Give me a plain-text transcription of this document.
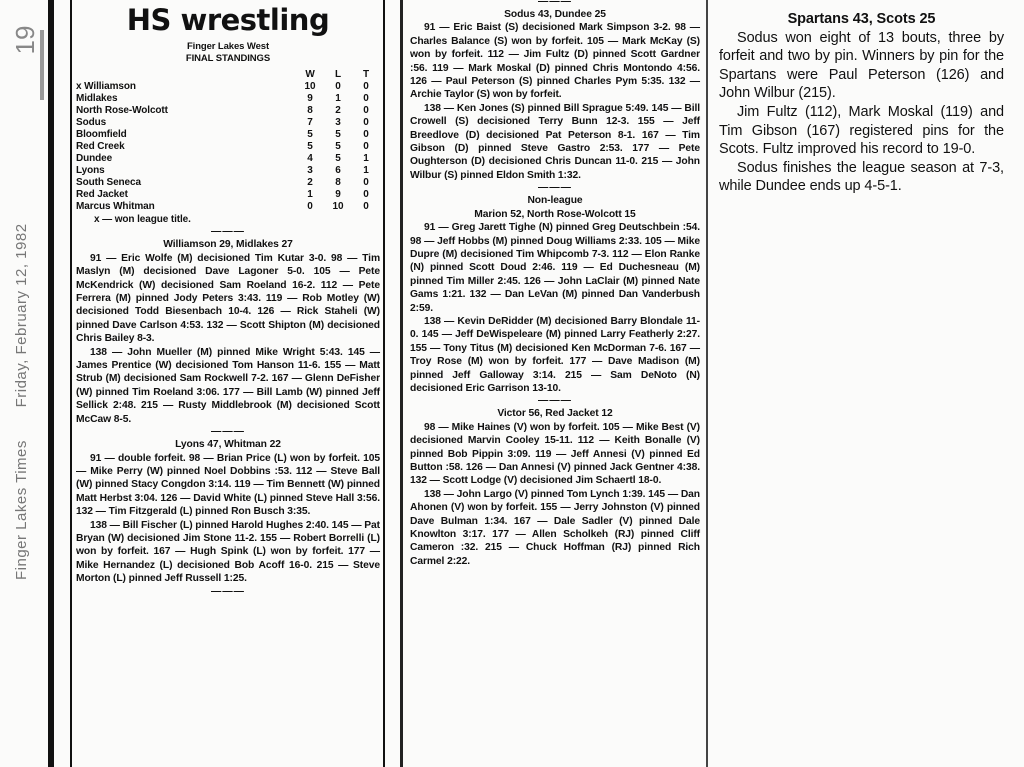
19
Finger Lakes Times       Friday, February 12, 1982
HS wrestling
Finger Lakes West
FINAL STANDINGS
	W	L	T
x Williamson	10	0	0
Midlakes	9	1	0
North Rose-Wolcott	8	2	0
Sodus	7	3	0
Bloomfield	5	5	0
Red Creek	5	5	0
Dundee	4	5	1
Lyons	3	6	1
South Seneca	2	8	0
Red Jacket	1	9	0
Marcus Whitman	0	10	0
x — won league title.
———
Williamson 29, Midlakes 27

91 — Eric Wolfe (M) decisioned Tim Kutar 3-0. 98 — Tim Maslyn (M) decisioned Dave Lagoner 5-0. 105 — Pete McKendrick (W) decisioned Sam Roeland 16-2. 112 — Pete Ferrera (M) pinned Jody Peters 3:43. 119 — Rob Motley (W) decisioned Todd Biesenbach 10-4. 126 — Rick Staheli (W) pinned Dave Carlson 4:53. 132 — Scott Shipton (M) decisioned Chris Bailey 8-3.

138 — John Mueller (M) pinned Mike Wright 5:43. 145 — James Prentice (W) decisioned Tom Hanson 11-6. 155 — Matt Strub (M) decisioned Sam Rockwell 7-2. 167 — Glenn DeFisher (W) pinned Tim Roeland 3:06. 177 — Bill Lamb (W) pinned Jeff Sellick 2:48. 215 — Rusty Middlebrook (M) decisioned Scott McCaw 8-5.

———
Lyons 47, Whitman 22

91 — double forfeit. 98 — Brian Price (L) won by forfeit. 105 — Mike Perry (W) pinned Noel Dobbins :53. 112 — Steve Ball (W) pinned Stacy Congdon 3:14. 119 — Tim Bennett (W) pinned Matt Herbst 3:04. 126 — David White (L) pinned Steve Hall 3:56. 132 — Tim Fitzgerald (L) pinned Ron Busch 3:35.

138 — Bill Fischer (L) pinned Harold Hughes 2:40. 145 — Pat Bryan (W) decisioned Jim Stone 11-2. 155 — Robert Borrelli (L) won by forfeit. 167 — Hugh Spink (L) won by forfeit. 177 — Mike Hernandez (L) decisioned Bob Acoff 16-0. 215 — Steve Morton (L) pinned Jeff Russell 1:25.

———
———
Sodus 43, Dundee 25

91 — Eric Baist (S) decisioned Mark Simpson 3-2. 98 — Charles Balance (S) won by forfeit. 105 — Mark McKay (S) won by forfeit. 112 — Jim Fultz (D) pinned Scott Gardner :56. 119 — Mark Moskal (D) pinned Chris Montondo 4:56. 126 — Paul Peterson (S) pinned Charles Pym 5:35. 132 — Archie Taylor (S) won by forfeit.

138 — Ken Jones (S) pinned Bill Sprague 5:49. 145 — Bill Crowell (S) decisioned Terry Bunn 12-3. 155 — Jeff Breedlove (D) decisioned Pat Peterson 8-1. 167 — Tim Gibson (D) pinned Steve Gastro 2:53. 177 — Pete Oughterson (D) decisioned Chris Duncan 11-0. 215 — John Wilbur (S) pinned Eldon Smith 1:32.

———
Non-league
Marion 52, North Rose-Wolcott 15

91 — Greg Jarett Tighe (N) pinned Greg Deutschbein :54. 98 — Jeff Hobbs (M) pinned Doug Williams 2:33. 105 — Mike Dupre (M) decisioned Tim Whipcomb 7-3. 112 — Elon Ranke (N) pinned Scott Doud 2:46. 119 — Ed Duchesneau (M) pinned Tim Miller 2:45. 126 — John LaClair (M) pinned Nate Gams 1:21. 132 — Dan LeVan (M) pinned Dan Vanderbush 2:59.

138 — Kevin DeRidder (M) decisioned Barry Blondale 11-0. 145 — Jeff DeWispeleare (M) pinned Larry Featherly 2:27. 155 — Tony Titus (M) decisioned Ken McDorman 7-6. 167 — Troy Rose (M) won by forfeit. 177 — Dave Madison (M) pinned Jeff Galloway 3:14. 215 — Sam DeNoto (N) decisioned Eric Garrison 13-10.

———
Victor 56, Red Jacket 12

98 — Mike Haines (V) won by forfeit. 105 — Mike Best (V) decisioned Marvin Cooley 15-11. 112 — Keith Bonalle (V) pinned Bob Pippin 3:09. 119 — Jeff Annesi (V) pinned Ed Button :58. 126 — Dan Annesi (V) pinned Jack Gentner 4:38. 132 — Scott Lodge (V) decisioned Jim Schaertl 18-0.

138 — John Largo (V) pinned Tom Lynch 1:39. 145 — Dan Ahonen (V) won by forfeit. 155 — Jerry Johnston (V) pinned Dave Bulman 1:34. 167 — Dale Sadler (V) pinned Dale Knowlton 3:17. 177 — Allen Scholkeh (RJ) pinned Cliff Cameron :32. 215 — Chuck Hoffman (RJ) pinned Rich Carmel 2:22.

Spartans 43, Scots 25

Sodus won eight of 13 bouts, three by forfeit and two by pin. Winners by pin for the Spartans were Paul Peterson (126) and John Wilbur (215).

Jim Fultz (112), Mark Moskal (119) and Tim Gibson (167) registered pins for the Scots. Fultz improved his record to 19-0.

Sodus finishes the league season at 7-3, while Dundee ends up 4-5-1.
